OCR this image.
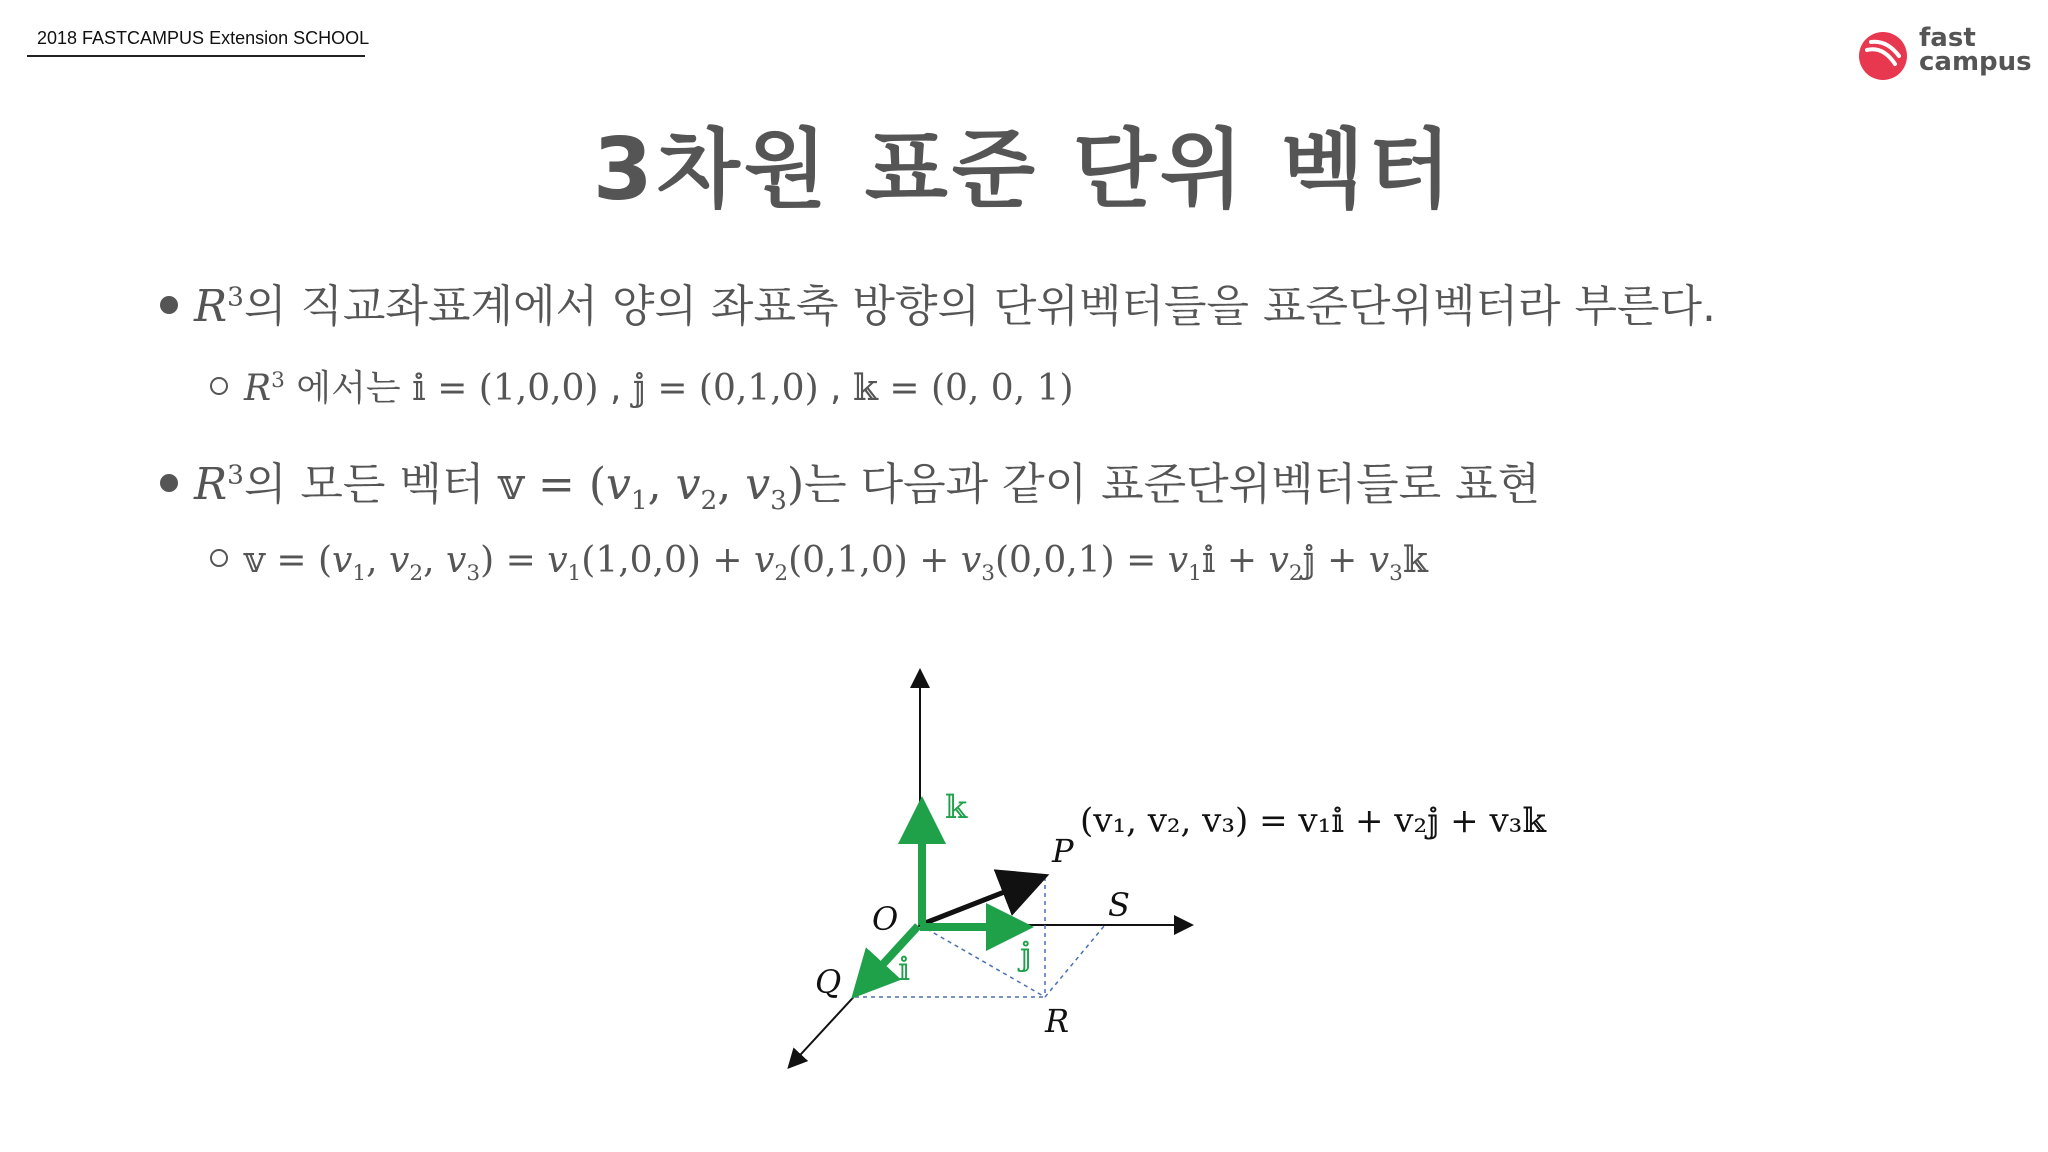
2018 FASTCAMPUS Extension SCHOOL	fast
campus
3차원 표준 단위 벡터
$R^3$의 직교좌표계에서 양의 좌표축 방향의 단위벡터들을 표준단위벡터라 부른다.
$R^3$ 에서는 𝕚 = (1,0,0) , 𝕛 = (0,1,0) , 𝕜 = (0, 0, 1)
$R^3$의 모든 벡터 𝕧 = ($v_1$, $v_2$, $v_3$)는 다음과 같이 표준단위벡터들로 표현
𝕧 = ($v_1$, $v_2$, $v_3) = v_1(1,0,0) + v_2(0,1,0) + v_3(0,0,1)$ = $v_1𝕚$ + $v_2𝕛$ + $v_3𝕜$
O
P
S
Q
R
𝕚	𝕛
𝕜	(v₁, v₂, v₃) = v₁𝕚 + v₂𝕛 + v₃𝕜
